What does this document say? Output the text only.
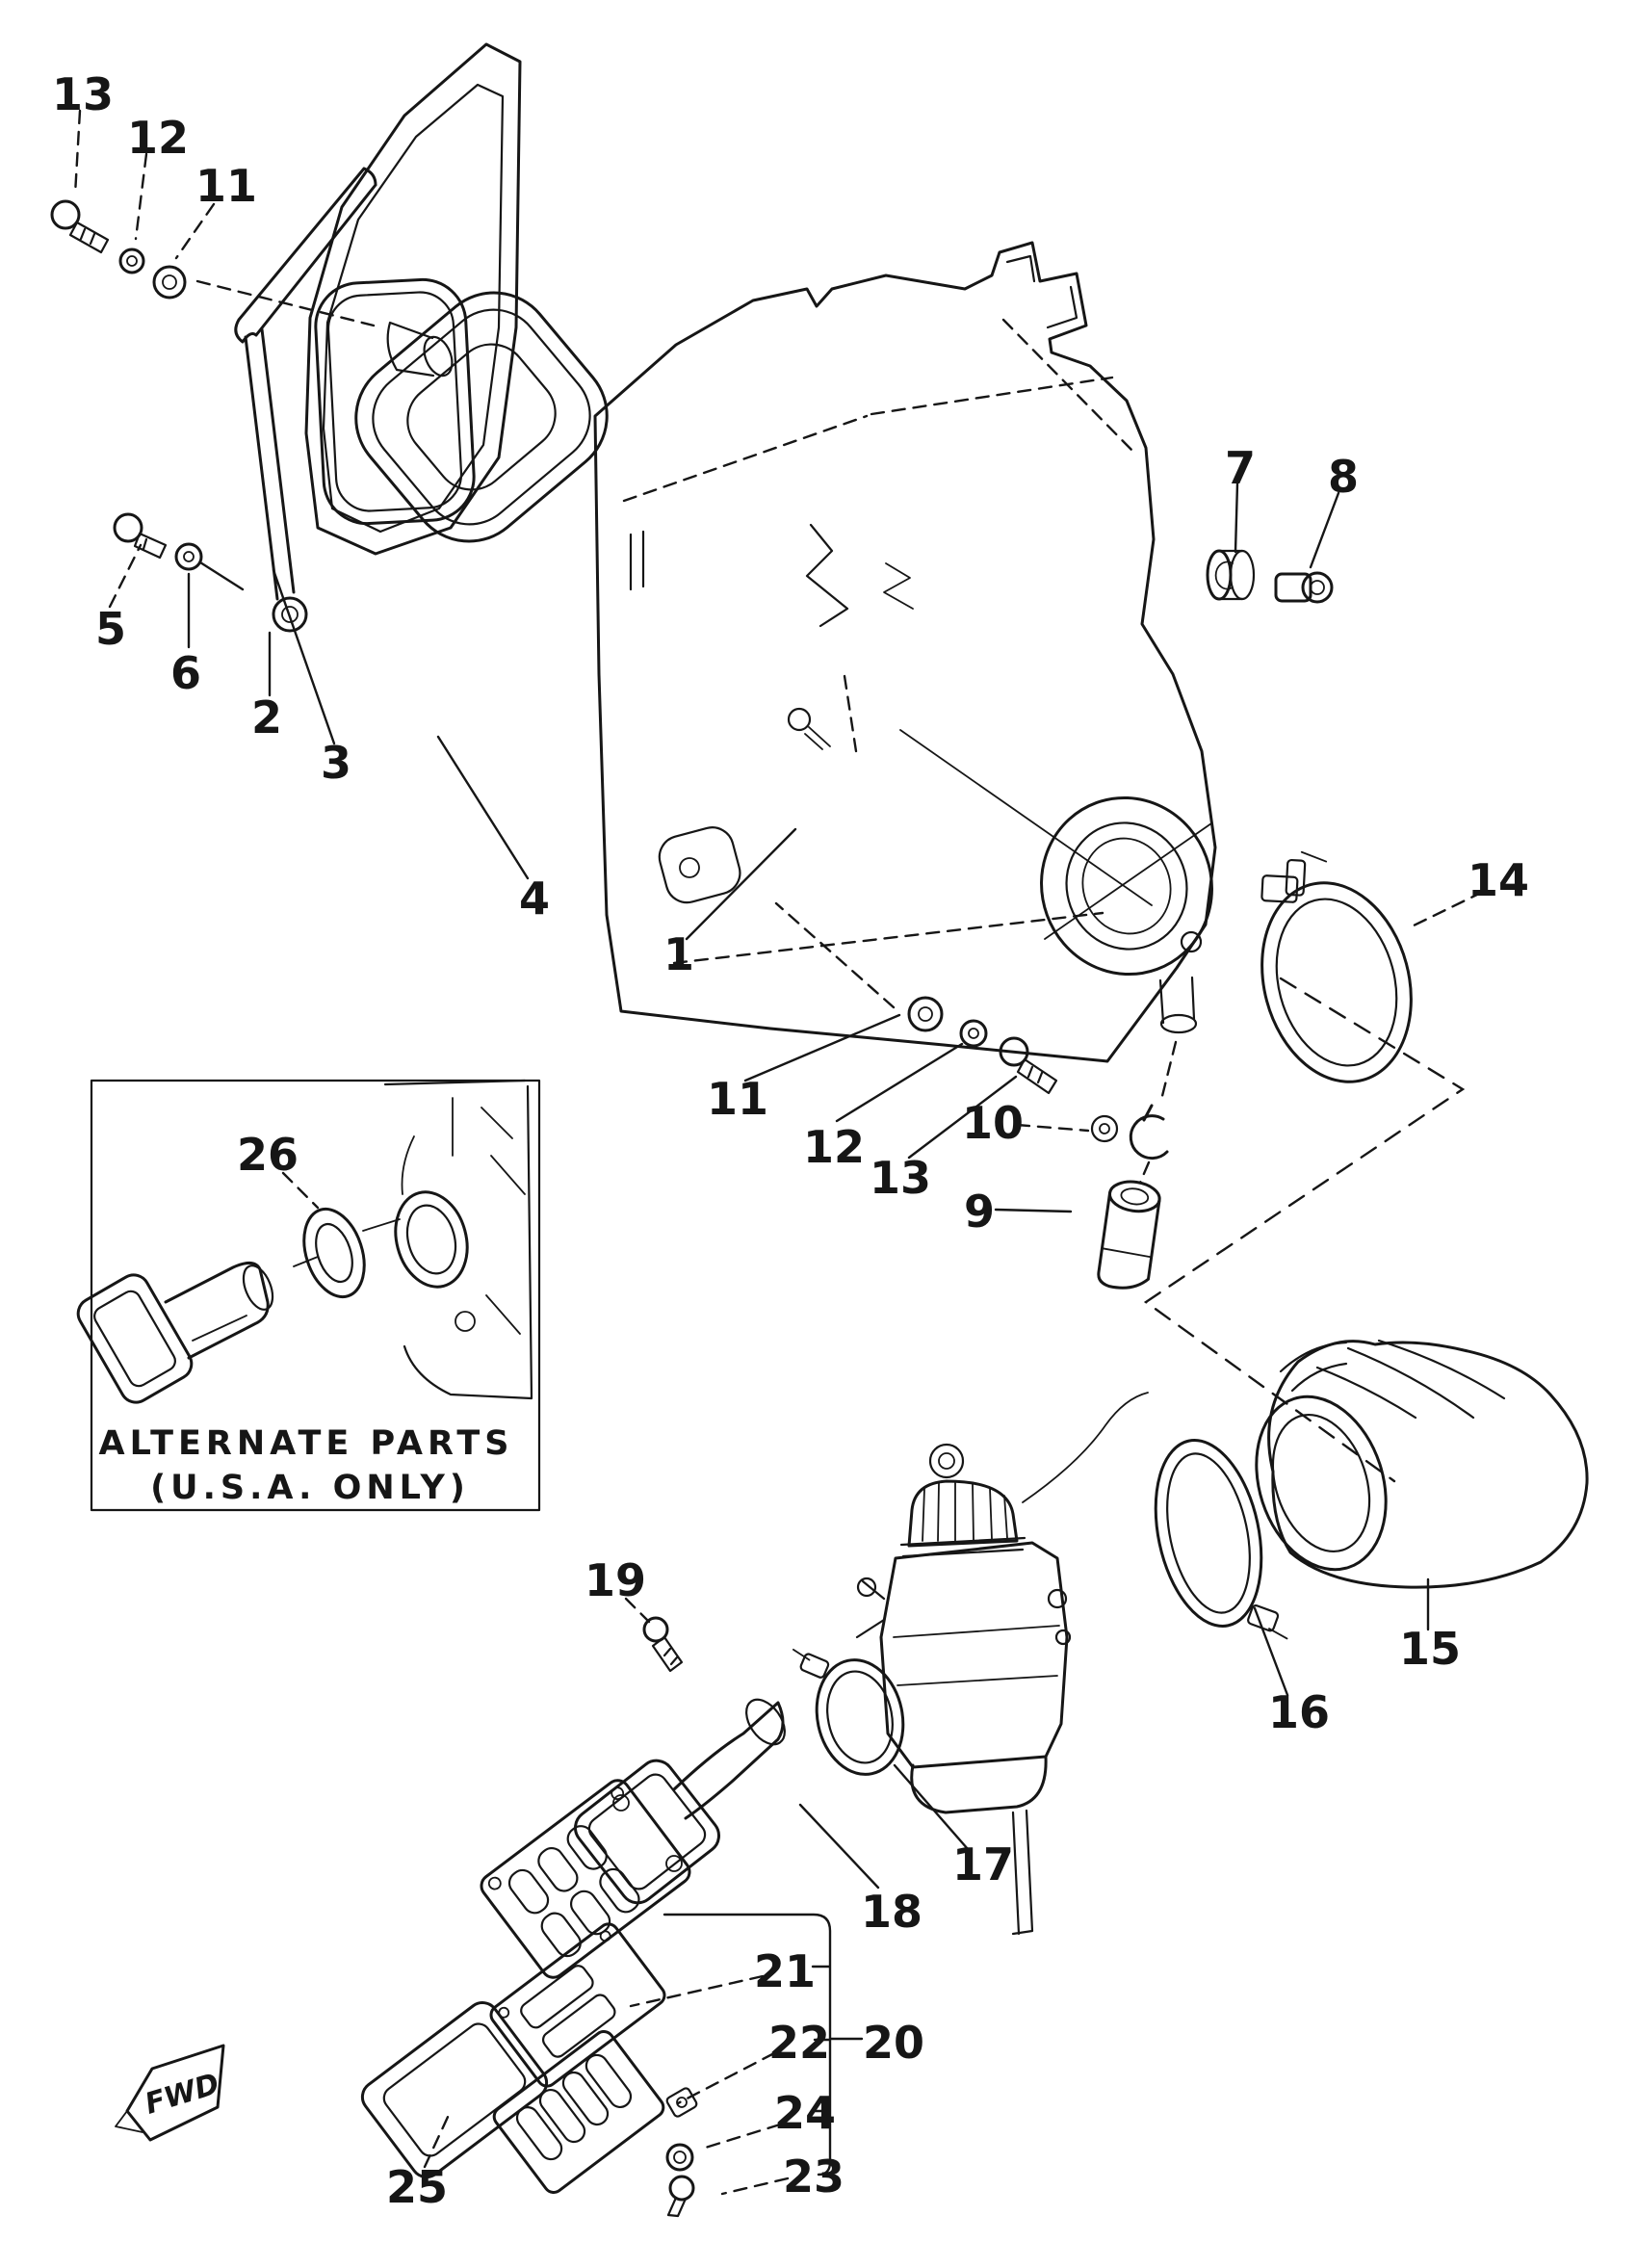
FWD
13
12
11
5
6
2
3
4
1
7 8
14
11
12
13
10
9
26
15
16
19
17
18
21
22 20
24
23
25
ALTERNATE PARTS
(U.S.A. ONLY)
